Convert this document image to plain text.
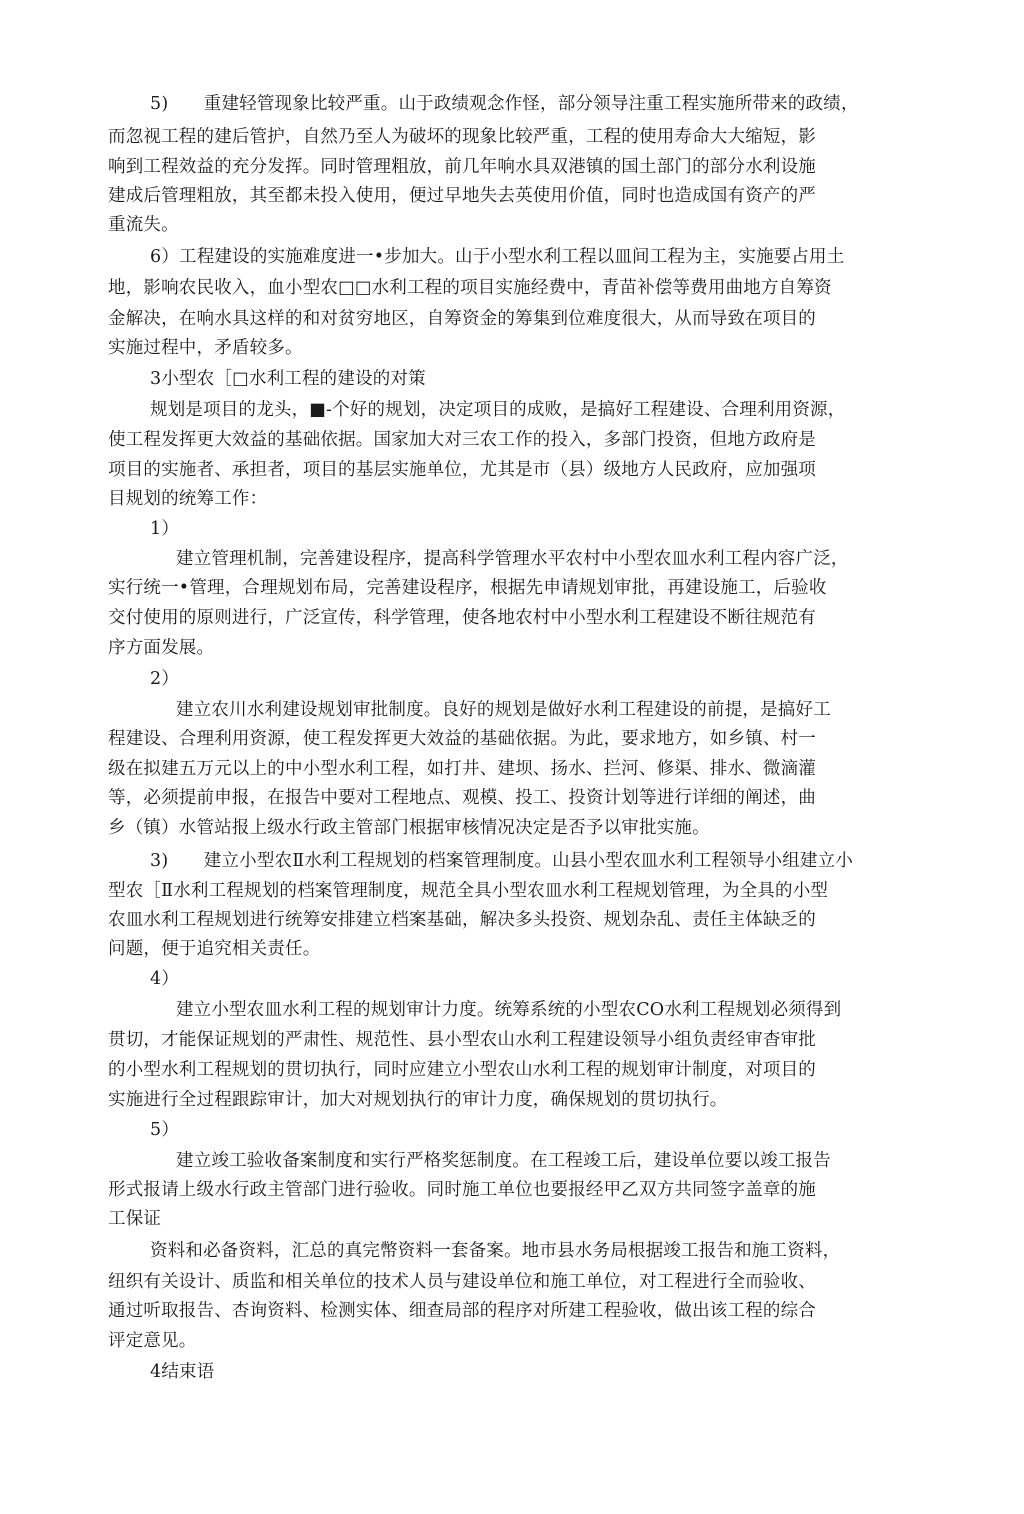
5)　　重建轻管现象比较严重。山于政绩观念作怪，部分领导注重工程实施所带来的政绩，
而忽视工程的建后管护，自然乃至人为破坏的现象比较严重，工程的使用寿命大大缩短，影
响到工程效益的充分发挥。同时管理粗放，前几年响水具双港镇的国土部门的部分水利设施
建成后管理粗放，其至都未投入使用，便过早地失去英使用价值，同时也造成国有资产的严
重流失。
6）工程建设的实施难度进一•步加大。山于小型水利工程以皿间工程为主，实施要占用土
地，影响农民收入，血小型农□□水利工程的项目实施经费中，青苗补偿等费用曲地方自筹资
金解决，在响水具这样的和对贫穷地区，自筹资金的筹集到位难度很大，从而导致在项目的
实施过程中，矛盾较多。
3小型农［□水利工程的建设的对策
规划是项目的龙头，■-个好的规划，决定项目的成败，是搞好工程建设、合理利用资源，
使工程发挥更大效益的基础依据。国家加大对三农工作的投入，多部门投资，但地方政府是
项目的实施者、承担者，项目的基层实施单位，尤其是市（县）级地方人民政府，应加强项
目规划的统筹工作：
1）
建立管理机制，完善建设程序，提高科学管理水平农村中小型农皿水利工程内容广泛，
实行统一•管理，合理规划布局，完善建设程序，根据先申请规划审批，再建设施工，后验收
交付使用的原则进行，广泛宣传，科学管理，使各地农村中小型水利工程建设不断往规范有
序方面发展。
2）
建立农川水利建设规划审批制度。良好的规划是做好水利工程建设的前提，是搞好工
程建设、合理利用资源，使工程发挥更大效益的基础依据。为此，要求地方，如乡镇、村一
级在拟建五万元以上的中小型水利工程，如打井、建坝、扬水、拦河、修渠、排水、微滴灌
等，必须提前申报，在报告中要对工程地点、观模、投工、投资计划等进行详细的阐述，曲
乡（镇）水管站报上级水行政主管部门根据审核情况决定是否予以审批实施。
3)　　建立小型农Ⅱ水利工程规划的档案管理制度。山县小型农皿水利工程领导小组建立小
型农［Ⅱ水利工程规划的档案管理制度，规范全具小型农皿水利工程规划管理，为全具的小型
农皿水利工程规划进行统筹安排建立档案基础，解决多头投资、规划杂乱、责任主体缺乏的
问题，便于追究相关责任。
4）
建立小型农皿水利工程的规划审计力度。统筹系统的小型农CO水利工程规划必须得到
贯切，才能保证规划的严肃性、规范性、县小型农山水利工程建设领导小组负责经审杳审批
的小型水利工程规划的贯切执行，同时应建立小型农山水利工程的规划审计制度，对项目的
实施进行全过程跟踪审计，加大对规划执行的审计力度，确保规划的贯切执行。
5）
建立竣工验收备案制度和实行严格奖惩制度。在工程竣工后，建设单位要以竣工报告
形式报请上级水行政主管部门进行验收。同时施工单位也要报经甲乙双方共同签字盖章的施
工保证
资料和必备资料，汇总的真完幣资料一套备案。地市县水务局根据竣工报告和施工资料，
纽织有关设计、质监和相关单位的技术人员与建设单位和施工单位，对工程进行全而验收、
通过听取报告、杏询资料、检测实体、细查局部的程序对所建工程验收，做出该工程的综合
评定意见。
4结束语
